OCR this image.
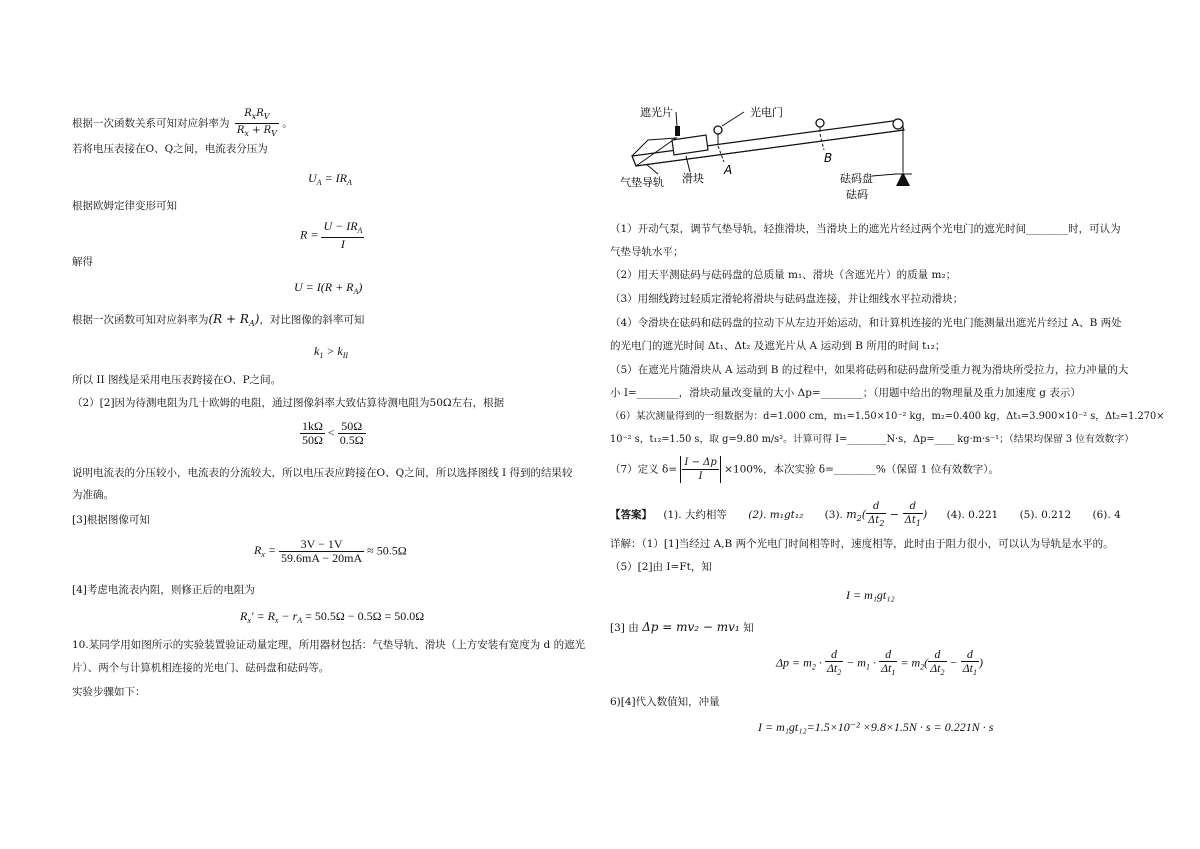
根据一次函数关系可知对应斜率为 $\frac{R_xR_V}{R_x + R_V}$ 。
若将电压表接在O、Q之间，电流表分压为
$U_A = IR_A$
根据欧姆定律变形可知
$R = \frac{U - IR_A}{I}$
解得
$U = I(R + R_A)$
根据一次函数可知对应斜率为$(R + R_A)$，对比图像的斜率可知
$k_1 > k_{II}$
所以 II 图线是采用电压表跨接在O、P之间。
（2）[2]因为待测电阻为几十欧姆的电阻，通过图像斜率大致估算待测电阻为50Ω左右，根据
$\frac{1k\Omega}{50\Omega} < \frac{50\Omega}{0.5\Omega}$
说明电流表的分压较小，电流表的分流较大，所以电压表应跨接在O、Q之间，所以选择图线 I 得到的结果较
为准确。
[3]根据图像可知
$R_x = \frac{3V - 1V}{59.6mA - 20mA} \approx 50.5\Omega$
[4]考虑电流表内阻，则修正后的电阻为
$R_x' = R_x - r_A = 50.5\Omega - 0.5\Omega = 50.0\Omega$
10.某同学用如图所示的实验装置验证动量定理，所用器材包括：气垫导轨、滑块（上方安装有宽度为 d 的遮光
片）、两个与计算机相连接的光电门、砝码盘和砝码等。
实验步骤如下：
遮光片	光电门
A
B
气垫导轨 滑块	砝码盘
砝码
（1）开动气泵，调节气垫导轨，轻推滑块，当滑块上的遮光片经过两个光电门的遮光时间________时，可认为
气垫导轨水平；
（2）用天平测砝码与砝码盘的总质量 m₁、滑块（含遮光片）的质量 m₂；
（3）用细线跨过轻质定滑轮将滑块与砝码盘连接，并让细线水平拉动滑块；
（4）令滑块在砝码和砝码盘的拉动下从左边开始运动，和计算机连接的光电门能测量出遮光片经过 A、B 两处
的光电门的遮光时间 Δt₁、Δt₂ 及遮光片从 A 运动到 B 所用的时间 t₁₂；
（5）在遮光片随滑块从 A 运动到 B 的过程中，如果将砝码和砝码盘所受重力视为滑块所受拉力，拉力冲量的大
小 I=________，滑块动量改变量的大小 Δp=________；（用题中给出的物理量及重力加速度 g 表示）
（6）某次测量得到的一组数据为：d=1.000 cm，m₁=1.50×10⁻² kg，m₂=0.400 kg，Δt₁=3.900×10⁻² s，Δt₂=1.270×
10⁻² s，t₁₂=1.50 s，取 g=9.80 m/s²。计算可得 I=________N·s，Δp=____ kg·m·s⁻¹；（结果均保留 3 位有效数字）
（7）定义 $\delta= \frac{I - \Delta p}{I} \times 100\%$，本次实验 δ=________%（保留 1 位有效数字）。
【答案】 (1). 大约相等 (2). m₁gt₁₂ (3). $m_2( \frac{d}{\Delta t_2} - \frac{d}{\Delta t_1}$ ) (4). 0.221 (5). 0.212 (6). 4
详解：（1）[1]当经过 A,B 两个光电门时间相等时，速度相等，此时由于阻力很小，可以认为导轨是水平的。
（5）[2]由 I=Ft，知
I = m₁gt₁₂
[3] 由 Δp = mv₂ − mv₁ 知
$\Delta p = m_2 \cdot \frac{d}{\Delta t_2} - m_1 \cdot \frac{d}{\Delta t_1} = m_2( \frac{d}{\Delta t_2} - \frac{d}{\Delta t_1}$ )
6)[4]代入数值知，冲量
I = m₁gt₁₂=1.5×10⁻² ×9.8×1.5N · s = 0.221N · s
